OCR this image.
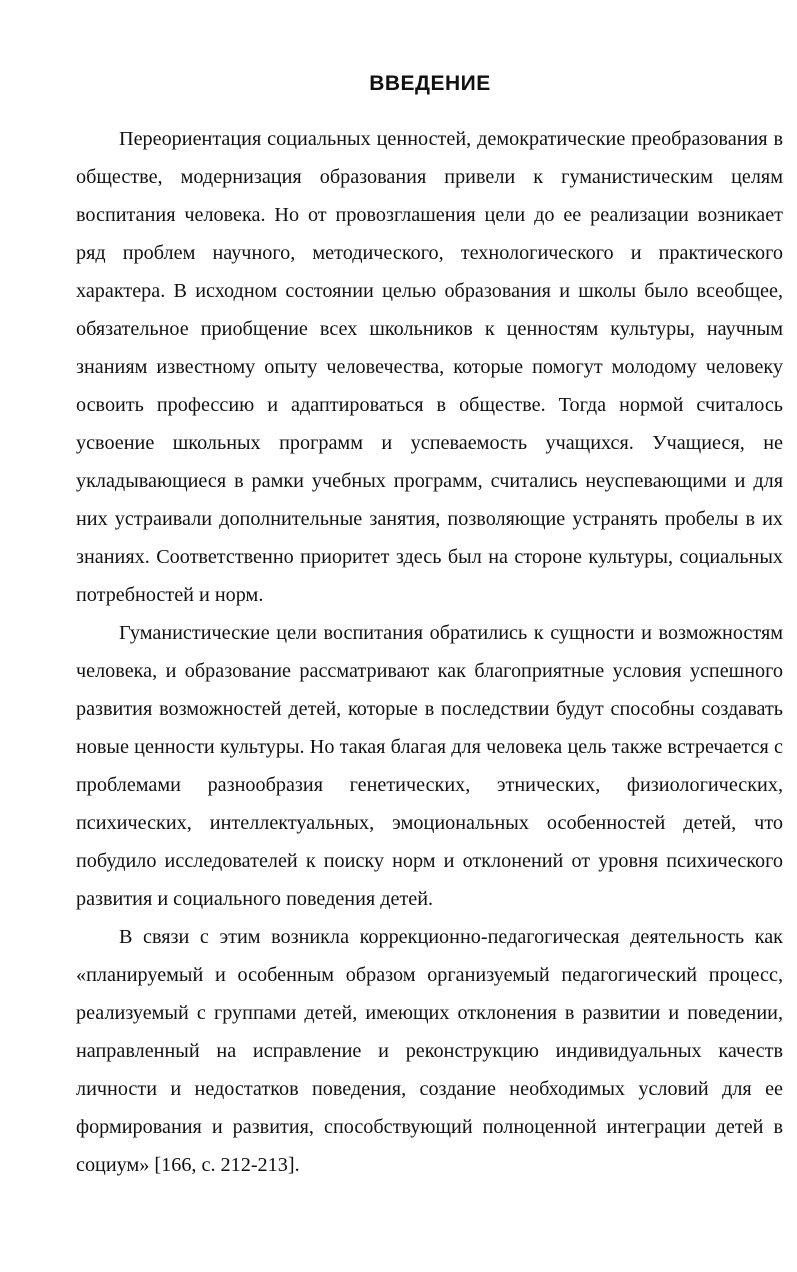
ВВЕДЕНИЕ

Переориентация социальных ценностей, демократические преобразования в обществе, модернизация образования привели к гуманистическим целям воспитания человека. Но от провозглашения цели до ее реализации возникает ряд проблем научного, методического, технологического и практического характера. В исходном состоянии целью образования и школы было всеобщее, обязательное приобщение всех школьников к ценностям культуры, научным знаниям известному опыту человечества, которые помогут молодому человеку освоить профессию и адаптироваться в обществе. Тогда нормой считалось усвоение школьных программ и успеваемость учащихся. Учащиеся, не укладывающиеся в рамки учебных программ, считались неуспевающими и для них устраивали дополнительные занятия, позволяющие устранять пробелы в их знаниях. Соответственно приоритет здесь был на стороне культуры, социальных потребностей и норм.

Гуманистические цели воспитания обратились к сущности и возможностям человека, и образование рассматривают как благоприятные условия успешного развития возможностей детей, которые в последствии будут способны создавать новые ценности культуры. Но такая благая для человека цель также встречается с проблемами разнообразия генетических, этнических, физиологических, психических, интеллектуальных, эмоциональных особенностей детей, что побудило исследователей к поиску норм и отклонений от уровня психического развития и социального поведения детей.

В связи с этим возникла коррекционно-педагогическая деятельность как «планируемый и особенным образом организуемый педагогический процесс, реализуемый с группами детей, имеющих отклонения в развитии и поведении, направленный на исправление и реконструкцию индивидуальных качеств личности и недостатков поведения, создание необходимых условий для ее формирования и развития, способствующий полноценной интеграции детей в социум» [166, с. 212-213].
